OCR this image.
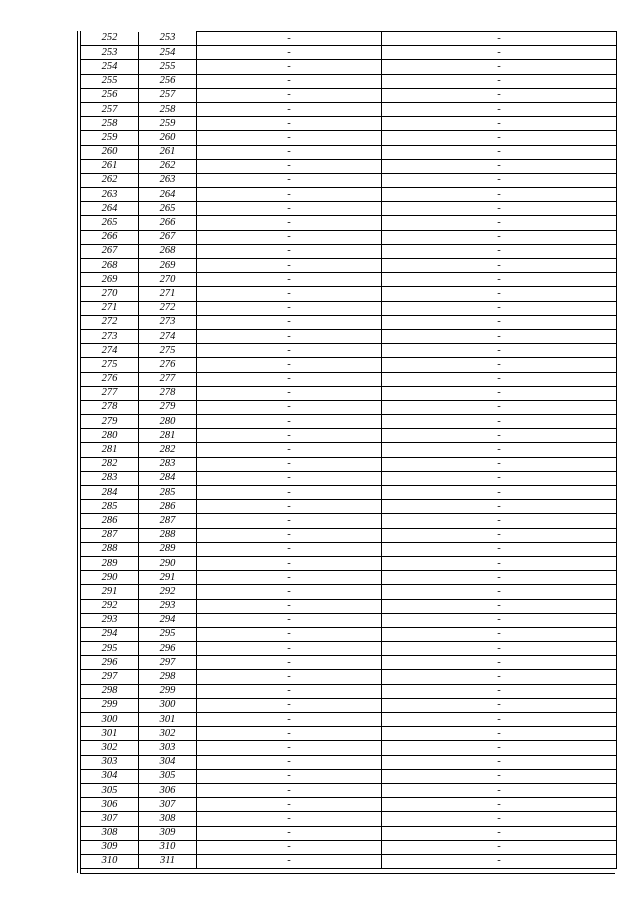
252	253	-	-
253	254	-	-
254	255	-	-
255	256	-	-
256	257	-	-
257	258	-	-
258	259	-	-
259	260	-	-
260	261	-	-
261	262	-	-
262	263	-	-
263	264	-	-
264	265	-	-
265	266	-	-
266	267	-	-
267	268	-	-
268	269	-	-
269	270	-	-
270	271	-	-
271	272	-	-
272	273	-	-
273	274	-	-
274	275	-	-
275	276	-	-
276	277	-	-
277	278	-	-
278	279	-	-
279	280	-	-
280	281	-	-
281	282	-	-
282	283	-	-
283	284	-	-
284	285	-	-
285	286	-	-
286	287	-	-
287	288	-	-
288	289	-	-
289	290	-	-
290	291	-	-
291	292	-	-
292	293	-	-
293	294	-	-
294	295	-	-
295	296	-	-
296	297	-	-
297	298	-	-
298	299	-	-
299	300	-	-
300	301	-	-
301	302	-	-
302	303	-	-
303	304	-	-
304	305	-	-
305	306	-	-
306	307	-	-
307	308	-	-
308	309	-	-
309	310	-	-
310	311	-	-
